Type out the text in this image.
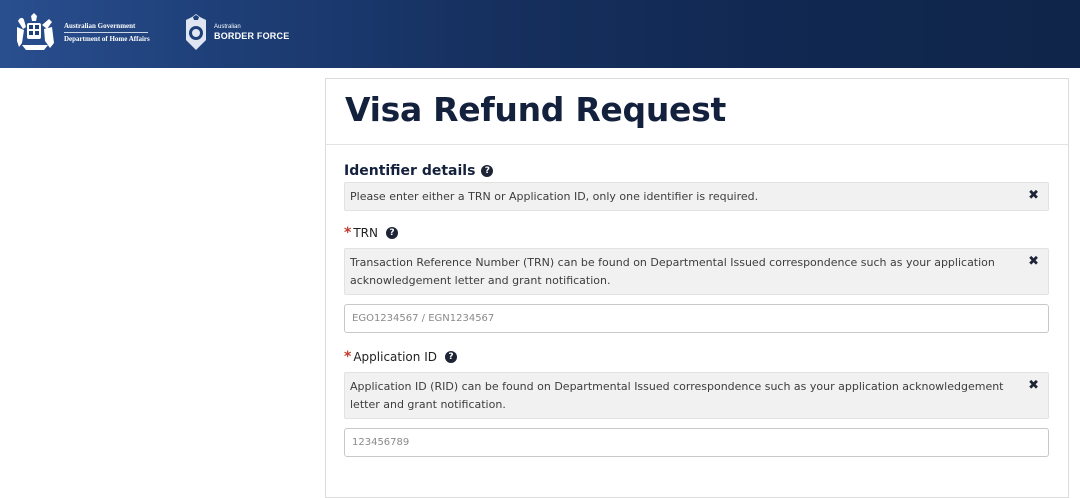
Australian Government
Department of Home Affairs
Australian
BORDER FORCE
Visa Refund Request
Identifier details	?
Please enter either a TRN or Application ID, only one identifier is required.	✖
* TRN	?
Transaction Reference Number (TRN) can be found on Departmental Issued correspondence such as your application acknowledgement letter and grant notification.
✖
EGO1234567 / EGN1234567
* Application ID	?
Application ID (RID) can be found on Departmental Issued correspondence such as your application acknowledgement letter and grant notification.
✖
123456789
